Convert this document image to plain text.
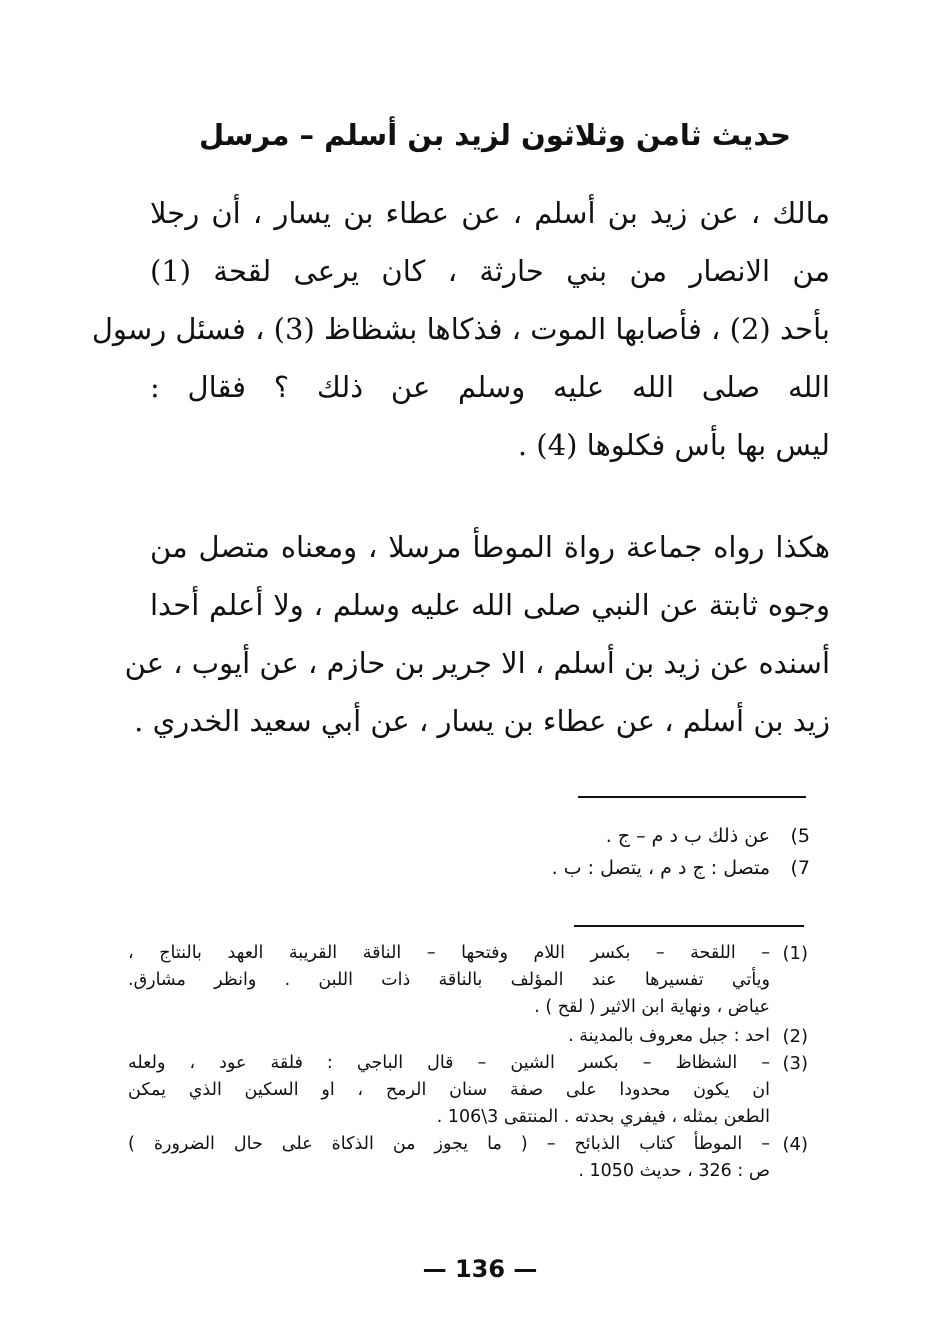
حديث ثامن وثلاثون لزيد بن أسلم – مرسل
مالك ، عن زيد بن أسلم ، عن عطاء بن يسار ، أن رجلا
من الانصار من بني حارثة ، كان يرعى لقحة (1)
بأحد (2) ، فأصابها الموت ، فذكاها بشظاظ (3) ، فسئل رسول
الله صلى الله عليه وسلم عن ذلك ؟ فقال :
ليس بها بأس فكلوها (4) .
هكذا رواه جماعة رواة الموطأ مرسلا ، ومعناه متصل من
وجوه ثابتة عن النبي صلى الله عليه وسلم ، ولا أعلم أحدا
أسنده عن زيد بن أسلم ، الا جرير بن حازم ، عن أيوب ، عن
زيد بن أسلم ، عن عطاء بن يسار ، عن أبي سعيد الخدري .
5)
عن ذلك ب د م – ج .
7)
متصل : ج د م ، يتصل : ب .
(1)
– اللقحة – بكسر اللام وفتحها – الناقة القريبة العهد بالنتاج ،
ويأتي تفسيرها عند المؤلف بالناقة ذات اللبن . وانظر مشارق.
عياض ، ونهاية ابن الاثير ( لقح ) .
(2)
احد : جبل معروف بالمدينة .
(3)
– الشظاظ – بكسر الشين – قال الباجي : فلقة عود ، ولعله
ان يكون محدودا على صفة سنان الرمح ، او السكين الذي يمكن
الطعن بمثله ، فيفري بحدته . المنتقى 3\106 .
(4)
– الموطأ كتاب الذبائح – ( ما يجوز من الذكاة على حال الضرورة )
ص : 326 ، حديث 1050 .
— 136 —
